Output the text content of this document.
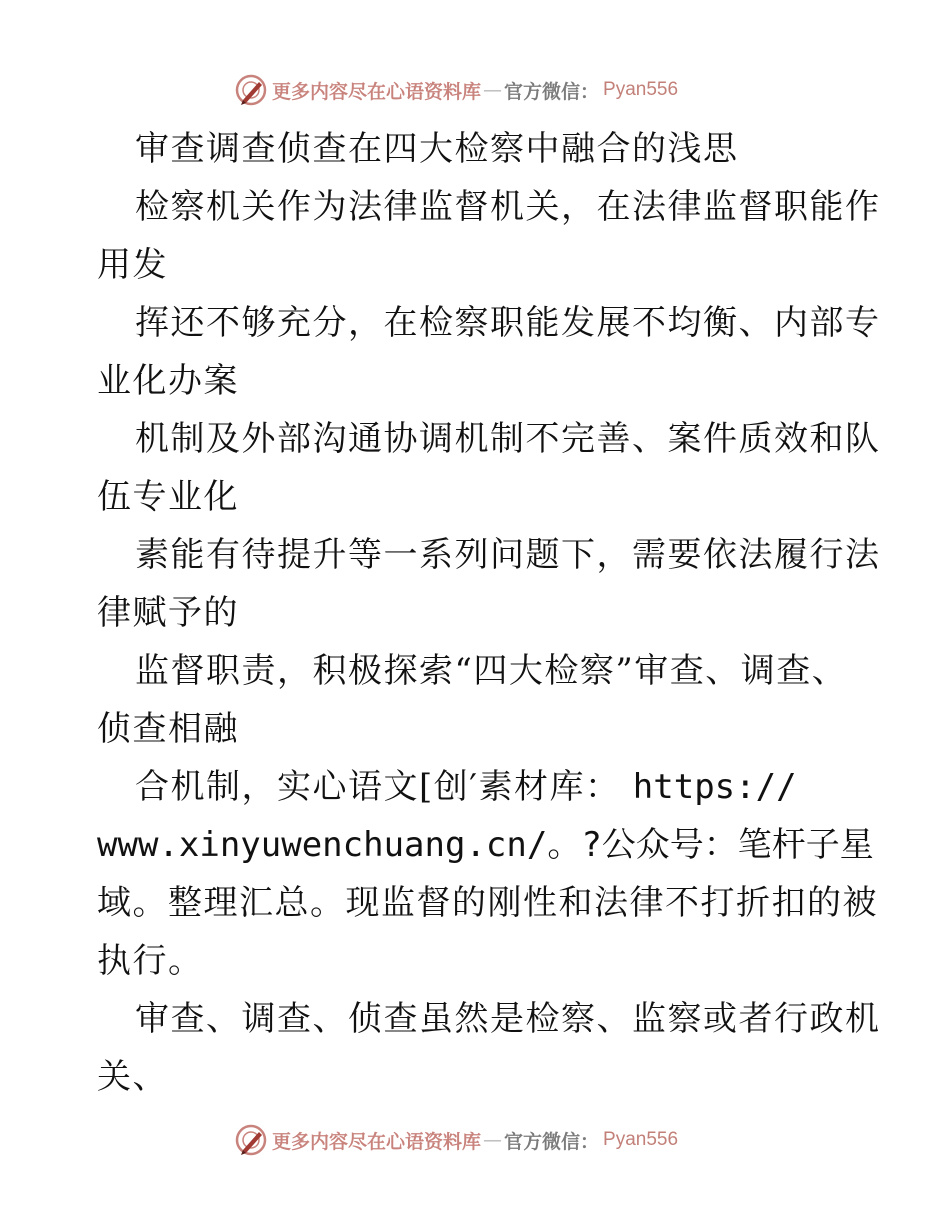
更多内容尽在心语资料库 — 官方微信： Pyan556
审查调查侦查在四大检察中融合的浅思
检察机关作为法律监督机关，在法律监督职能作
用发
挥还不够充分，在检察职能发展不均衡、内部专
业化办案
机制及外部沟通协调机制不完善、案件质效和队
伍专业化
素能有待提升等一系列问题下，需要依法履行法
律赋予的
监督职责，积极探索“四大检察”审查、调查、
侦查相融
合机制，实心语文[创′素材库： https://
www.xinyuwenchuang.cn/。?公众号：笔杆子星
域。整理汇总。现监督的刚性和法律不打折扣的被
执行。
审查、调查、侦查虽然是检察、监察或者行政机
关、
更多内容尽在心语资料库 — 官方微信： Pyan556
